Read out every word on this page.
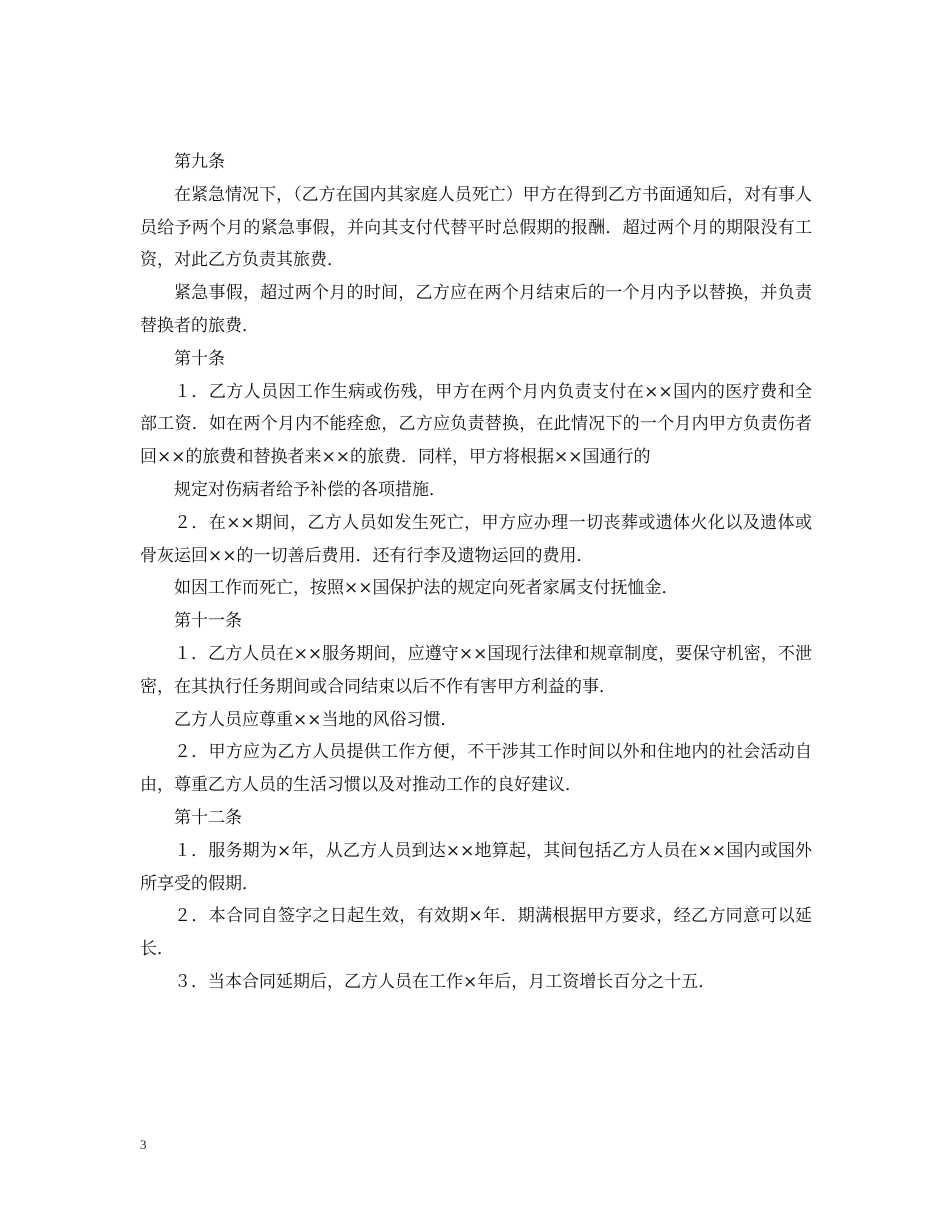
第九条

在紧急情况下，（乙方在国内其家庭人员死亡）甲方在得到乙方书面通知后，对有事人员给予两个月的紧急事假，并向其支付代替平时总假期的报酬．超过两个月的期限没有工资，对此乙方负责其旅费．

紧急事假，超过两个月的时间，乙方应在两个月结束后的一个月内予以替换，并负责替换者的旅费．

第十条

１．乙方人员因工作生病或伤残，甲方在两个月内负责支付在××国内的医疗费和全部工资．如在两个月内不能痊愈，乙方应负责替换，在此情况下的一个月内甲方负责伤者回××的旅费和替换者来××的旅费．同样，甲方将根据××国通行的

规定对伤病者给予补偿的各项措施．

２．在××期间，乙方人员如发生死亡，甲方应办理一切丧葬或遗体火化以及遗体或骨灰运回××的一切善后费用．还有行李及遗物运回的费用．

如因工作而死亡，按照××国保护法的规定向死者家属支付抚恤金．

第十一条

１．乙方人员在××服务期间，应遵守××国现行法律和规章制度，要保守机密，不泄密，在其执行任务期间或合同结束以后不作有害甲方利益的事．

乙方人员应尊重××当地的风俗习惯．

２．甲方应为乙方人员提供工作方便，不干涉其工作时间以外和住地内的社会活动自由，尊重乙方人员的生活习惯以及对推动工作的良好建议．

第十二条

１．服务期为×年，从乙方人员到达××地算起，其间包括乙方人员在××国内或国外所享受的假期．

２．本合同自签字之日起生效，有效期×年．期满根据甲方要求，经乙方同意可以延长．

３．当本合同延期后，乙方人员在工作×年后，月工资增长百分之十五．

3
